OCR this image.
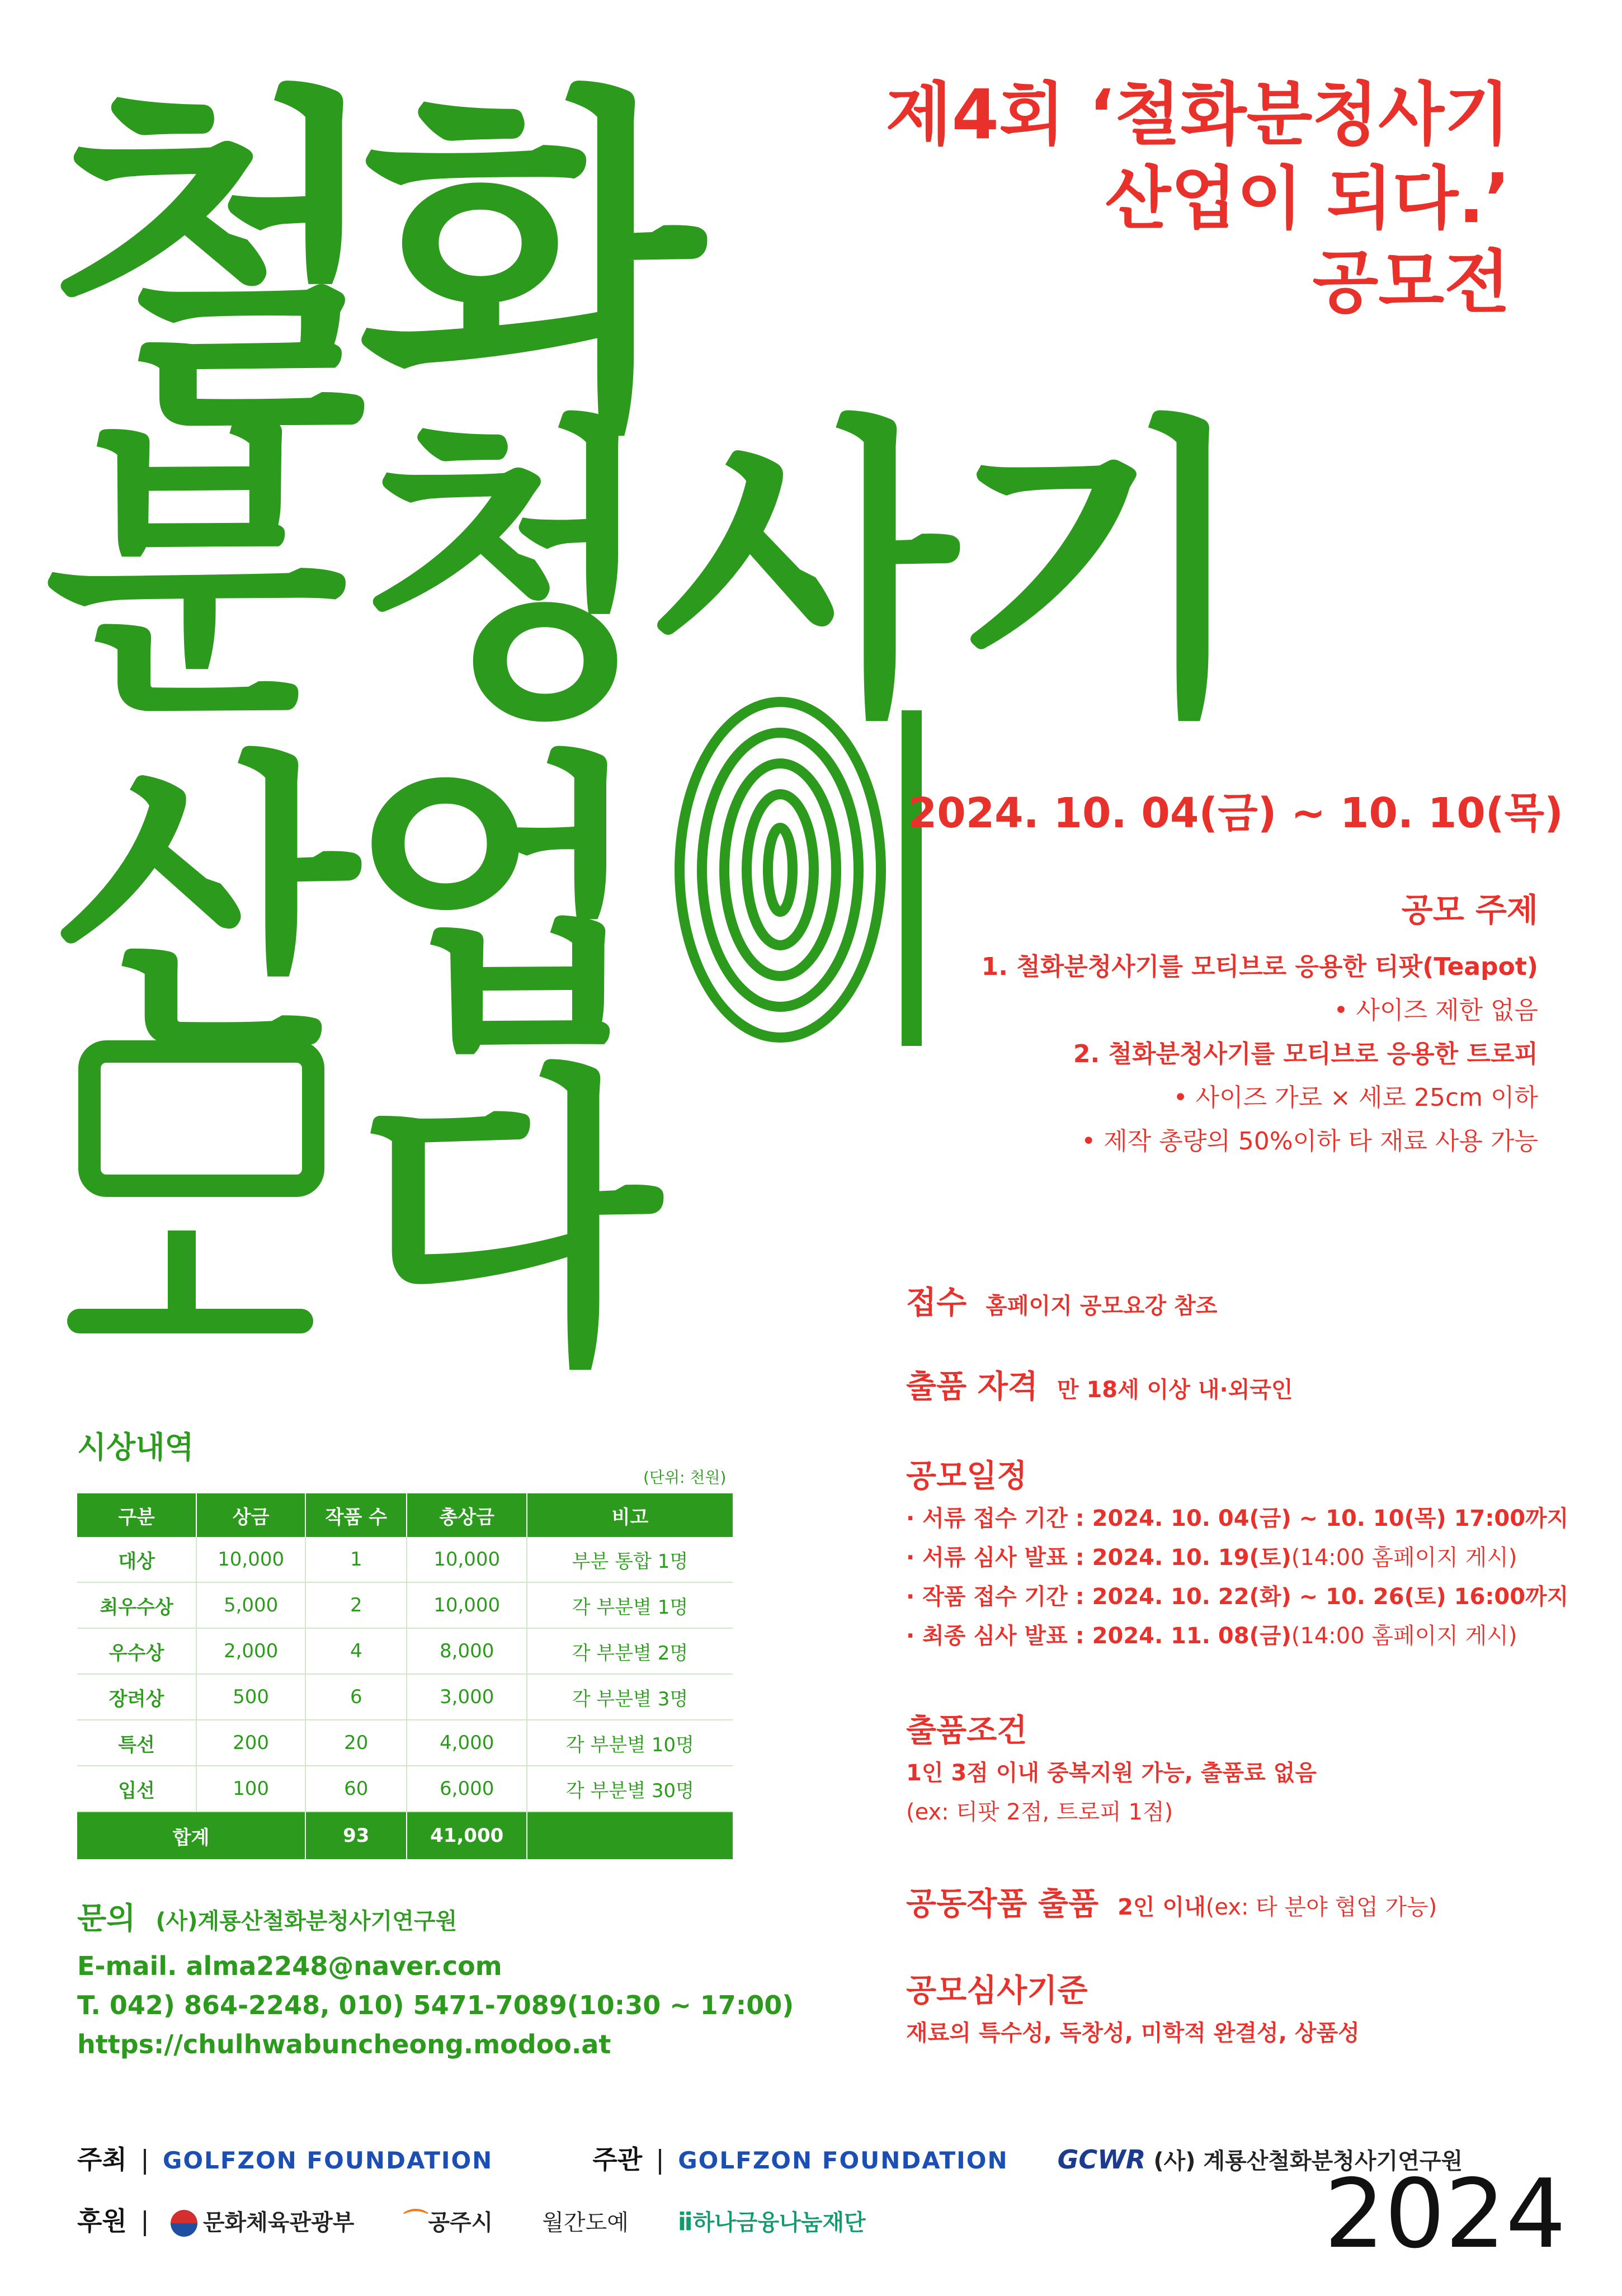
철
화
분 청
사
기
산
업
다
제4회 ‘철화분청사기
산업이 되다.’
공모전
2024. 10. 04(금) ~ 10. 10(목)
공모 주제
1. 철화분청사기를 모티브로 응용한 티팟(Teapot)
• 사이즈 제한 없음
2. 철화분청사기를 모티브로 응용한 트로피
• 사이즈 가로 × 세로 25cm 이하
• 제작 총량의 50%이하 타 재료 사용 가능
접수 홈페이지 공모요강 참조
출품 자격 만 18세 이상 내·외국인
공모일정
· 서류 접수 기간 : 2024. 10. 04(금) ~ 10. 10(목) 17:00까지
· 서류 심사 발표 : 2024. 10. 19(토)(14:00 홈페이지 게시)
· 작품 접수 기간 : 2024. 10. 22(화) ~ 10. 26(토) 16:00까지
· 최종 심사 발표 : 2024. 11. 08(금)(14:00 홈페이지 게시)
출품조건
1인 3점 이내 중복지원 가능, 출품료 없음
(ex: 티팟 2점, 트로피 1점)
공동작품 출품 2인 이내(ex: 타 분야 협업 가능)
공모심사기준
재료의 특수성, 독창성, 미학적 완결성, 상품성
시상내역
(단위: 천원)
구분	상금	작품 수	총상금	비고
대상	10,000	1	10,000	부분 통합 1명
최우수상	5,000	2	10,000	각 부분별 1명
우수상	2,000	4	8,000	각 부분별 2명
장려상	500	6	3,000	각 부분별 3명
특선	200	20	4,000	각 부분별 10명
입선	100	60	6,000	각 부분별 30명
합계		93	41,000	
문의 (사)계룡산철화분청사기연구원
E-mail. alma2248@naver.com
T. 042) 864-2248, 010) 5471-7089(10:30 ~ 17:00)
https://chulhwabuncheong.modoo.at
주최 GOLFZON FOUNDATION	주관 GOLFZON FOUNDATION GCWR (사) 계룡산철화분청사기연구원
후원	문화체육관광부 ⌒공주시 월간도예 ⅱ하나금융나눔재단	2024
